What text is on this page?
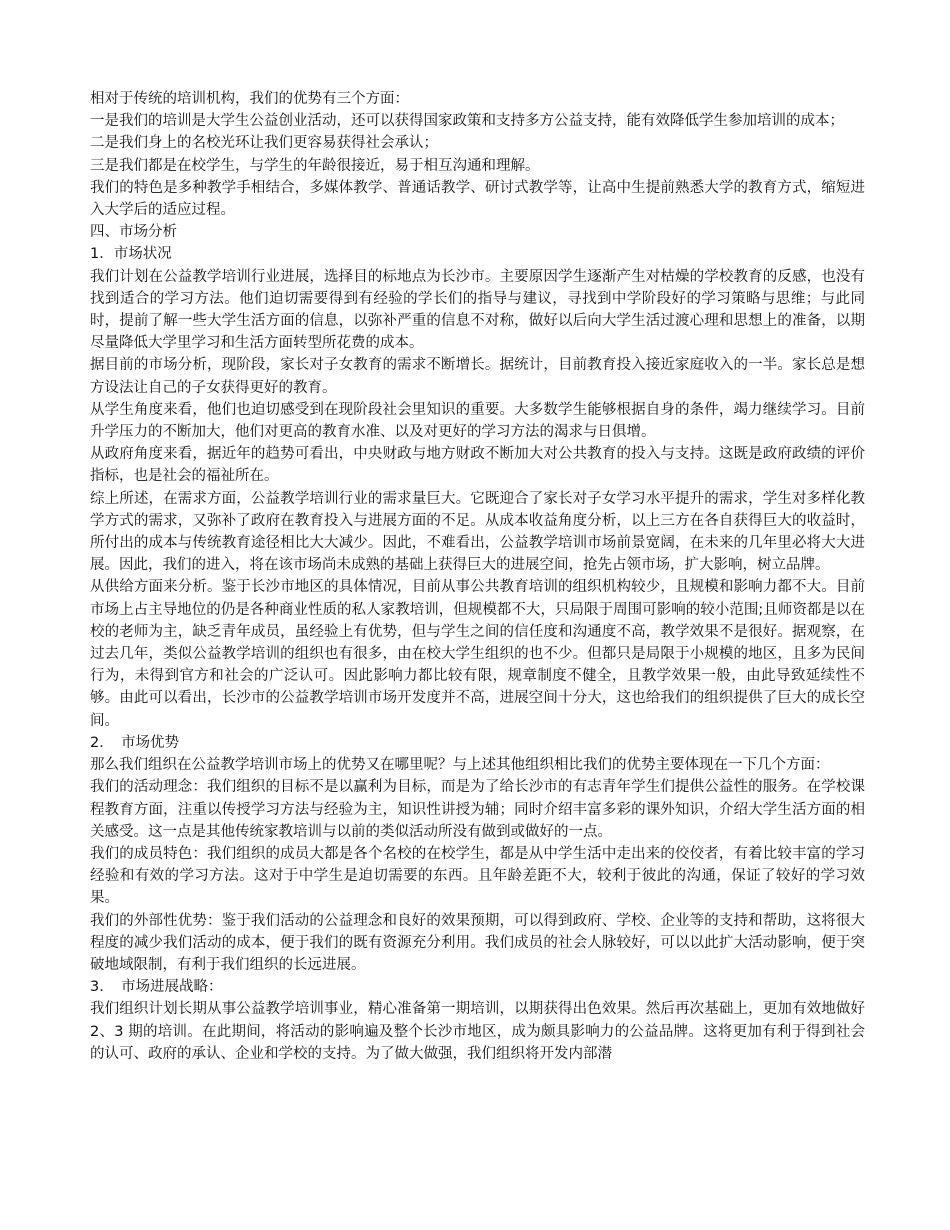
相对于传统的培训机构，我们的优势有三个方面：

一是我们的培训是大学生公益创业活动，还可以获得国家政策和支持多方公益支持，能有效降低学生参加培训的成本；

二是我们身上的名校光环让我们更容易获得社会承认；

三是我们都是在校学生，与学生的年龄很接近，易于相互沟通和理解。

我们的特色是多种教学手相结合，多媒体教学、普通话教学、研讨式教学等，让高中生提前熟悉大学的教育方式，缩短进入大学后的适应过程。

四、市场分析

1．市场状况

我们计划在公益教学培训行业进展，选择目的标地点为长沙市。主要原因学生逐渐产生对枯燥的学校教育的反感，也没有找到适合的学习方法。他们迫切需要得到有经验的学长们的指导与建议，寻找到中学阶段好的学习策略与思维；与此同时，提前了解一些大学生活方面的信息，以弥补严重的信息不对称，做好以后向大学生活过渡心理和思想上的准备，以期尽量降低大学里学习和生活方面转型所花费的成本。

据目前的市场分析，现阶段，家长对子女教育的需求不断增长。据统计，目前教育投入接近家庭收入的一半。家长总是想方设法让自己的子女获得更好的教育。

从学生角度来看，他们也迫切感受到在现阶段社会里知识的重要。大多数学生能够根据自身的条件，竭力继续学习。目前升学压力的不断加大，他们对更高的教育水准、以及对更好的学习方法的渴求与日俱增。

从政府角度来看，据近年的趋势可看出，中央财政与地方财政不断加大对公共教育的投入与支持。这既是政府政绩的评价指标，也是社会的福祉所在。

综上所述，在需求方面，公益教学培训行业的需求量巨大。它既迎合了家长对子女学习水平提升的需求，学生对多样化教学方式的需求，又弥补了政府在教育投入与进展方面的不足。从成本收益角度分析，以上三方在各自获得巨大的收益时，所付出的成本与传统教育途径相比大大减少。因此，不难看出，公益教学培训市场前景宽阔，在未来的几年里必将大大进展。因此，我们的进入，将在该市场尚未成熟的基础上获得巨大的进展空间，抢先占领市场，扩大影响，树立品牌。

从供给方面来分析。鉴于长沙市地区的具体情况，目前从事公共教育培训的组织机构较少，且规模和影响力都不大。目前市场上占主导地位的仍是各种商业性质的私人家教培训，但规模都不大，只局限于周围可影响的较小范围;且师资都是以在校的老师为主，缺乏青年成员，虽经验上有优势，但与学生之间的信任度和沟通度不高，教学效果不是很好。据观察，在过去几年，类似公益教学培训的组织也有很多，由在校大学生组织的也不少。但都只是局限于小规模的地区，且多为民间行为，未得到官方和社会的广泛认可。因此影响力都比较有限，规章制度不健全，且教学效果一般，由此导致延续性不够。由此可以看出，长沙市的公益教学培训市场开发度并不高，进展空间十分大，这也给我们的组织提供了巨大的成长空间。

2．　市场优势

那么我们组织在公益教学培训市场上的优势又在哪里呢？与上述其他组织相比我们的优势主要体现在一下几个方面：

我们的活动理念：我们组织的目标不是以赢利为目标，而是为了给长沙市的有志青年学生们提供公益性的服务。在学校课程教育方面，注重以传授学习方法与经验为主，知识性讲授为辅；同时介绍丰富多彩的课外知识，介绍大学生活方面的相关感受。这一点是其他传统家教培训与以前的类似活动所没有做到或做好的一点。

我们的成员特色：我们组织的成员大都是各个名校的在校学生，都是从中学生活中走出来的佼佼者，有着比较丰富的学习经验和有效的学习方法。这对于中学生是迫切需要的东西。且年龄差距不大，较利于彼此的沟通，保证了较好的学习效果。

我们的外部性优势：鉴于我们活动的公益理念和良好的效果预期，可以得到政府、学校、企业等的支持和帮助，这将很大程度的减少我们活动的成本，便于我们的既有资源充分利用。我们成员的社会人脉较好，可以以此扩大活动影响，便于突破地域限制，有利于我们组织的长远进展。

3．　市场进展战略：

我们组织计划长期从事公益教学培训事业，精心准备第一期培训，以期获得出色效果。然后再次基础上，更加有效地做好 2、3 期的培训。在此期间，将活动的影响遍及整个长沙市地区，成为颇具影响力的公益品牌。这将更加有利于得到社会的认可、政府的承认、企业和学校的支持。为了做大做强，我们组织将开发内部潜
